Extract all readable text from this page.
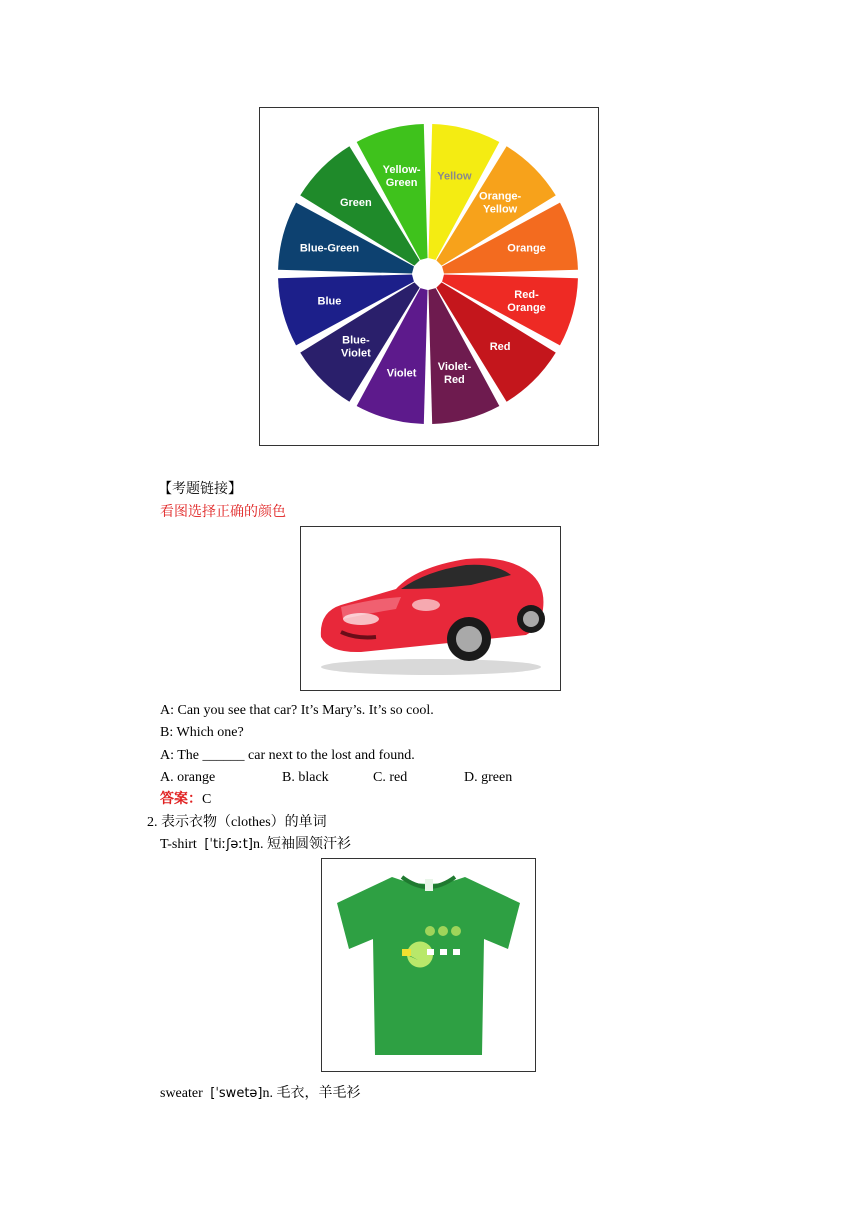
Yellow
Orange-Yellow
Orange
Red-Orange
Red
Violet-Red
Violet
Blue-Violet
Blue
Blue-Green
Green
Yellow-Green
【考题链接】
看图选择正确的颜色
A: Can you see that car? It’s Mary’s. It’s so cool.
B: Which one?
A: The ______ car next to the lost and found.
A. orange	B. black	C. red	D. green
答案：C
2. 表示衣物（clothes）的单词
T-shirt [ˈtiːʃəːt]n. 短袖圆领汗衫
sweater [ˈswetə]n. 毛衣，羊毛衫
